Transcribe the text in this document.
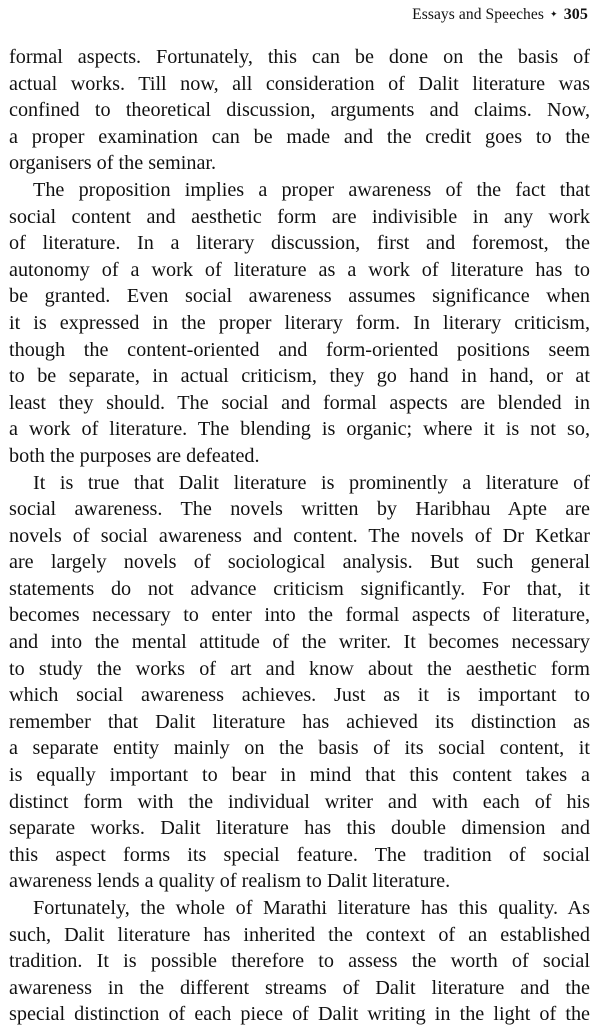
Essays and Speeches ✦ 305
formal aspects. Fortunately, this can be done on the basis of
actual works. Till now, all consideration of Dalit literature was
confined to theoretical discussion, arguments and claims. Now,
a proper examination can be made and the credit goes to the
organisers of the seminar.
The proposition implies a proper awareness of the fact that
social content and aesthetic form are indivisible in any work
of literature. In a literary discussion, first and foremost, the
autonomy of a work of literature as a work of literature has to
be granted. Even social awareness assumes significance when
it is expressed in the proper literary form. In literary criticism,
though the content-oriented and form-oriented positions seem
to be separate, in actual criticism, they go hand in hand, or at
least they should. The social and formal aspects are blended in
a work of literature. The blending is organic; where it is not so,
both the purposes are defeated.
It is true that Dalit literature is prominently a literature of
social awareness. The novels written by Haribhau Apte are
novels of social awareness and content. The novels of Dr Ketkar
are largely novels of sociological analysis. But such general
statements do not advance criticism significantly. For that, it
becomes necessary to enter into the formal aspects of literature,
and into the mental attitude of the writer. It becomes necessary
to study the works of art and know about the aesthetic form
which social awareness achieves. Just as it is important to
remember that Dalit literature has achieved its distinction as
a separate entity mainly on the basis of its social content, it
is equally important to bear in mind that this content takes a
distinct form with the individual writer and with each of his
separate works. Dalit literature has this double dimension and
this aspect forms its special feature. The tradition of social
awareness lends a quality of realism to Dalit literature.
Fortunately, the whole of Marathi literature has this quality. As
such, Dalit literature has inherited the context of an established
tradition. It is possible therefore to assess the worth of social
awareness in the different streams of Dalit literature and the
special distinction of each piece of Dalit writing in the light of the
